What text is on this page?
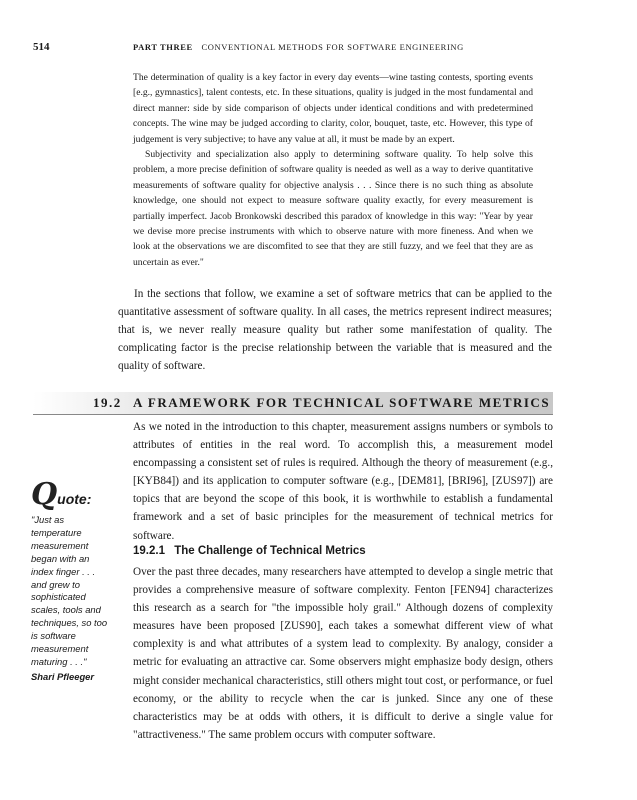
514	PART THREE CONVENTIONAL METHODS FOR SOFTWARE ENGINEERING

The determination of quality is a key factor in every day events—wine tasting contests, sporting events [e.g., gymnastics], talent contests, etc. In these situations, quality is judged in the most fundamental and direct manner: side by side comparison of objects under identical conditions and with predetermined concepts. The wine may be judged according to clarity, color, bouquet, taste, etc. However, this type of judgement is very subjective; to have any value at all, it must be made by an expert.

Subjectivity and specialization also apply to determining software quality. To help solve this problem, a more precise definition of software quality is needed as well as a way to derive quantitative measurements of software quality for objective analysis . . . Since there is no such thing as absolute knowledge, one should not expect to measure software quality exactly, for every measurement is partially imperfect. Jacob Bronkowski described this paradox of knowledge in this way: "Year by year we devise more precise instruments with which to observe nature with more fineness. And when we look at the observations we are discomfited to see that they are still fuzzy, and we feel that they are as uncertain as ever."

In the sections that follow, we examine a set of software metrics that can be applied to the quantitative assessment of software quality. In all cases, the metrics represent indirect measures; that is, we never really measure quality but rather some manifestation of quality. The complicating factor is the precise relationship between the variable that is measured and the quality of software.

19.2 A FRAMEWORK FOR TECHNICAL SOFTWARE METRICS

As we noted in the introduction to this chapter, measurement assigns numbers or symbols to attributes of entities in the real word. To accomplish this, a measurement model encompassing a consistent set of rules is required. Although the theory of measurement (e.g., [KYB84]) and its application to computer software (e.g., [DEM81], [BRI96], [ZUS97]) are topics that are beyond the scope of this book, it is worthwhile to establish a fundamental framework and a set of basic principles for the measurement of technical metrics for software.

19.2.1 The Challenge of Technical Metrics

Over the past three decades, many researchers have attempted to develop a single metric that provides a comprehensive measure of software complexity. Fenton [FEN94] characterizes this research as a search for "the impossible holy grail." Although dozens of complexity measures have been proposed [ZUS90], each takes a somewhat different view of what complexity is and what attributes of a system lead to complexity. By analogy, consider a metric for evaluating an attractive car. Some observers might emphasize body design, others might consider mechanical characteristics, still others might tout cost, or performance, or fuel economy, or the ability to recycle when the car is junked. Since any one of these characteristics may be at odds with others, it is difficult to derive a single value for "attractiveness." The same problem occurs with computer software.

Q uote:
"Just as temperature measurement began with an index finger . . . and grew to sophisticated scales, tools and techniques, so too is software measurement maturing . . ."
Shari Pfleeger
